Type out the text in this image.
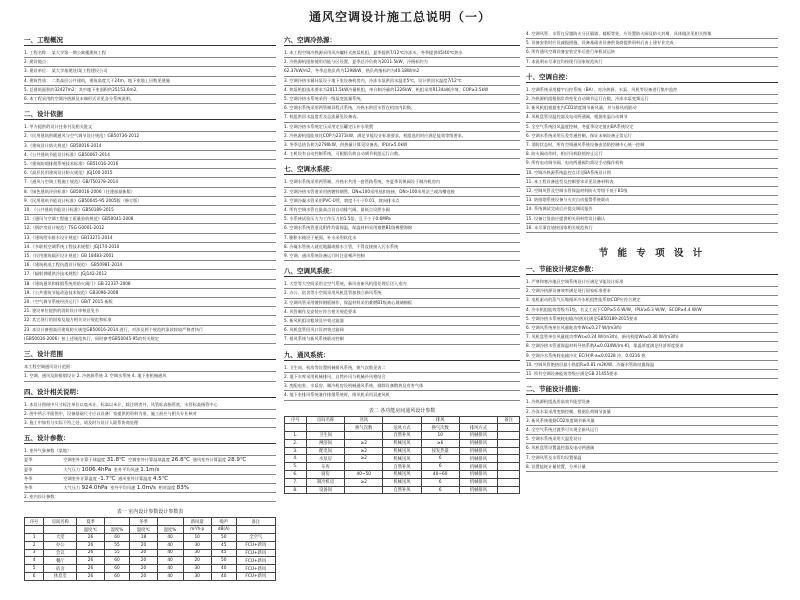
通风空调设计施工总说明（一）
一、工程概况
1. 工程名称： 某大学第一期公寓楼建筑工程
2. 建设地点：
3. 建设单位： 某大学基建处/某工程建设公司
4. 建筑性质： 二类高层公共建筑，建筑高度大于24m，地下室地上层数见建施
5. 总建筑面积约32427m2；其中地下室面积约25153.6m2。
6. 本工程采用的空调冷热源及末端形式详见各分系统说明。
二、设计依据
1. 甲方提供的设计任务书及相关批文
2.《民用建筑供暖通风与空气调节设计规范》GB50736-2012
3.《建筑设计防火规范》GB50016-2014
4.《公共建筑节能设计标准》GB50067-2014
5.《建筑防烟排烟系统技术标准》GB51016-2016
6.《高层民用建筑设计防火规范》JGJ100-2015
7.《通风与空调工程施工规范》GB/T50378-2014
8.《绿色建筑评价标准》GB50016-2006（住建部最新版）
9.《民用建筑节能设计标准》GB50045-95 2005版（修订版）
10. 《公共建筑节能设计标准》GB50189-2015
11.《通风与空调工程施工质量验收规范》GB50041-2008
12.《锅炉房设计规范》TSG G0001-2012
13.《建筑给水排水设计规范》GB13271-2014
14.《多联机空调系统工程技术规程》JGJ174-2010
15.《民用建筑隔声设计规范》GB 18483-2001
16.《建筑机电工程抗震设计规范》 GB50981-2014
17.《辐射供暖供冷技术规程》JGJ142-2012
18.《建筑通风和排烟系统用防火阀门》GB 22337-2008
19.《公共建筑节能改造技术规范》GB3096-2008
20.《空气调节系统经济运行》GB/T 2015 新版
21. 建设单位提供的消防设计审核意见书
22. 其它现行的国家及地方相关设计规范和标准
23. 本设计参照高层建筑防火规范GB50016-2014 进行，对涉及两个规范的条款按较严格者执行
(GB50016-2006）按上述规范执行，同时参考GB50045-95的有关规定
三、设计范围
本工程空调通风设计范围：
1. 空调、通风及防排烟设计 2. 冷热源系统 3. 空调水系统 4. 地下室机械通风
四、设计相关说明：
1. 本设计图纸中尺寸标注单位以毫米计，标高以米计，除注明者外，风管标高指管底，水管标高指管中心
2. 图中所示平面图中，设备基础尺寸应以设备厂家提供的资料为准，施工前应与相关专业核对
3. 施工中如有与实际不符之处，请及时与设计人联系协商处理
五、设计参数：
1. 室外气象参数（某地）：
夏季	空调室外计算干球温度 31.8℃ 空调室外计算湿球温度 26.8℃ 通风室外计算温度 28.9℃
夏季	大气压力 1006.4hPa 室外平均风速 1.1m/s
冬季	空调室外计算温度 -1.7℃ 通风室外计算温度 4.5℃
冬季	大气压力 924.0hPa 室外平均风速 1.0m/s 相对湿度 83%
2. 室内设计参数：
表一 室内设计参数设计参数表
序号	房间名称	夏季		冬季		新风量	噪声	备注
		温度℃	湿度%	温度℃	湿度%	m³/h·p	dB(A)	
1	大堂	26	60	18	40	10	50	全空气
2	办公	26	55	20	40	30	45	FCU+新风
3	会议	26	55	20	40	30	45	FCU+新风
4	餐厅	26	60	20	40	20	50	FCU+新风
5	宿舍	26	60	20	40	30	40	FCU+新风
6	休息室	26	60	20	40	30	40	FCU+新风
六、空调冷热源：
1. 本工程空调冷热源采用风冷螺杆式热泵机组，夏季提供7/12℃冷冻水，冬季提供45/40℃热水
2. 冷热源机组按使用功能分区设置，夏季总冷负荷为2011.5kW，冷指标约为
62.37kW/m2，冬季总热负荷为1298kW，热负荷指标约为40.18W/m2
3. 空调冷热水循环泵设于地下室设备机房内，冷冻水泵供回水温差5℃，设计供回水温度7/12℃
4. 热泵机组技术要求为2011.5kW冷量机组，单台制冷量约1226kW，机组采用R134a制冷剂，COP≥3.5kW
5. 空调冷热水系统采用一级泵变流量系统。
6. 空调水系统采用两管制异程式系统，冷热水供回水管在机房内切换。
7. 机组供回水温度差及总流量见设备表。
1. 空调冷热水系统定压采用定压罐定压补水装置
2. 冷热源机组能效比COP为2371kW，满足节能设计标准要求，机组选用时应满足能效等级要求。
3. 冬季总热负荷为2790kW，供热量计算见设备表，IPLV≥5.0kW
4. 主机设有自动控制系统，可根据负荷自动调节机组运行台数。
七、空调水系统：
1. 空调水系统采用两管制，冷热水共用一套管路系统，冬夏季切换阀设于制冷机房内
2. 空调冷热水管道采用热镀锌钢管，DN≤100采用丝扣连接，DN>100采用法兰或沟槽连接
3. 空调冷凝水管采用PVC-U管，坡度不小于0.01，坡向排水点
4. 所有空调水管在最高点设自动排气阀，最低点设泄水阀
5. 水系统试验压力为工作压力的1.5倍，且不小于0.6MPa
6. 空调水系统管道及附件均需保温，保温材料采用难燃B1级橡塑海绵
7. 膨胀水箱设于屋面，补水采用软化水
8. 冷凝水管接入就近地漏或排水立管，不得直接接入污水系统
9. 空调、通风系统设备运行时注意噪声控制
八、空调风系统：
1. 大堂等大空间采用全空气系统，新风由新风机组处理后送入室内
2. 办公、宿舍等小空间采用风机盘管加独立新风系统
3. 空调风管采用镀锌钢板制作，保温材料采用难燃B1级离心玻璃棉板
4. 风管制作及安装应符合相关规范要求
5. 新风机组设粗效及中效过滤器
6. 风机盘管回风口设初效过滤网
7. 排风系统与新风系统联动控制
九、通风系统：
1. 卫生间、机房等设置机械排风系统，换气次数见表二
2. 地下车库采用机械排风，自然补风与机械补风相结合
3. 变配电室、水泵房、制冷机房设机械通风系统，排除设备散热及有害气体
4. 地下室排风系统兼作排烟系统时，排风机采用双速风机
表二 各功能房间通风设计参数
序号	房间名称	送风		排风		备注
		换气次数	送风方式	换气次数	排风方式	
1.	卫生间		自然补风	10	机械排风	
2.	淋浴间	≥2	机械送风	≥6	机械排风	
3.	配电间	≥2	机械送风	按发热量	机械排风	
4.	水泵房	≥2	机械送风	6	机械排风	
5.	车库		自然补风	6	机械排风	
6.	厨房	40~50	机械送风	40~60	机械排风	
7.	制冷机房	≥2	机械送风	6	机械排风	
8.	设备间		自然补风	6	机械排风	
4. 空调风管、水管在穿越防火分区隔墙、楼板等处，应设置防火阀及防火封堵，具体做法见相关图集
5. 设备安装时应设减振措施，设备基础由设备供货商提供资料后由土建专业完成
6. 所有通风空调设备安装完毕后进行单机试运转
7. 本说明未尽事宜均按现行国家规范执行
十、空调自控：
1. 空调系统采用楼宇自控系统（BA），对冷热源、水泵、风机等设备进行集中监控
2. 冷热源机组根据负荷变化自动调节运行台数，冷冻水泵变频运行
3. 新风机组根据室内CO2浓度调节新风量，并与排风机联动
4. 风机盘管设温控器及电动两通阀，根据室温自动调节
5. 全空气系统回风温度控制，冬夏季设定值由BA系统设定
6. 空调水系统采用压差旁通控制，保证末端设备正常运行
7. 消防状态时，所有空调通风系统设备由消防控制中心统一控制
8. 防火阀动作时，相应风机联锁停止运行
9. 所有电动调节阀、电动两通阀均需设手动操作机构
10. 空调冷热源系统监控点详见BA系统设计图
11. 本工程设备选型及控制要求详见设备材料表
12. 空调风管及空调水管保温材料防火等级不低于B1级
13. 防排烟系统设备与火灾自动报警系统联动
14. 系统调试完成后应提交调试报告
15. 设备订货前应提供相关资料给设计确认
16. 未尽事宜请按国家相关规范执行
节 能 专 项 设 计
一、节能设计规定参数：
1. 严寒和寒冷地区空调系统设计应满足节能设计标准
2. 空调冷热源设备效率满足现行国家标准要求
3. 电机驱动的蒸气压缩循环冷水机组性能系数COP应符合规定
4. 冷水机组能效等级为1级，名义工况下COP≥5.6 W/W，IPLV≥6.3 W/W，SCOP≥4.4 W/W
5. 空调冷热水系统耗电输冷(热)比满足GB50189-2015要求
6. 空调风系统单位风量耗功率Ws≤0.27 W/(m3/h)
7. 风机盘管单位风量耗功率Ws≤0.24 W/(m3/h)，新风机组Ws≤0.30 W/(m3/h)
8. 空调冷热水管道保温材料导热系数λ≤0.034W/(m·K)，保温厚度满足经济厚度要求
9. 空调冷水系统耗电输冷比 EC(H)R-a≤0.0228 冷，0.0216 热
10. 空调风管绝热层最小热阻R≥0.81 m2K/W，冷凝水管防结露保温
11. 所有空调设备能效等级应满足GB 21455要求
二、节能设计措施：
1. 冷热源机组选用高效节能型设备
2. 冷冻水泵采用变频控制，根据负荷调节流量
3. 新风系统根据CO2浓度调节新风量
4. 全空气系统过渡季可实现全新风运行
5. 空调水系统采用大温差设计
6. 风机盘管设置温控器及电动两通阀
7. 空调风管及水管均设置保温
8. 设置能耗计量装置，分项计量
